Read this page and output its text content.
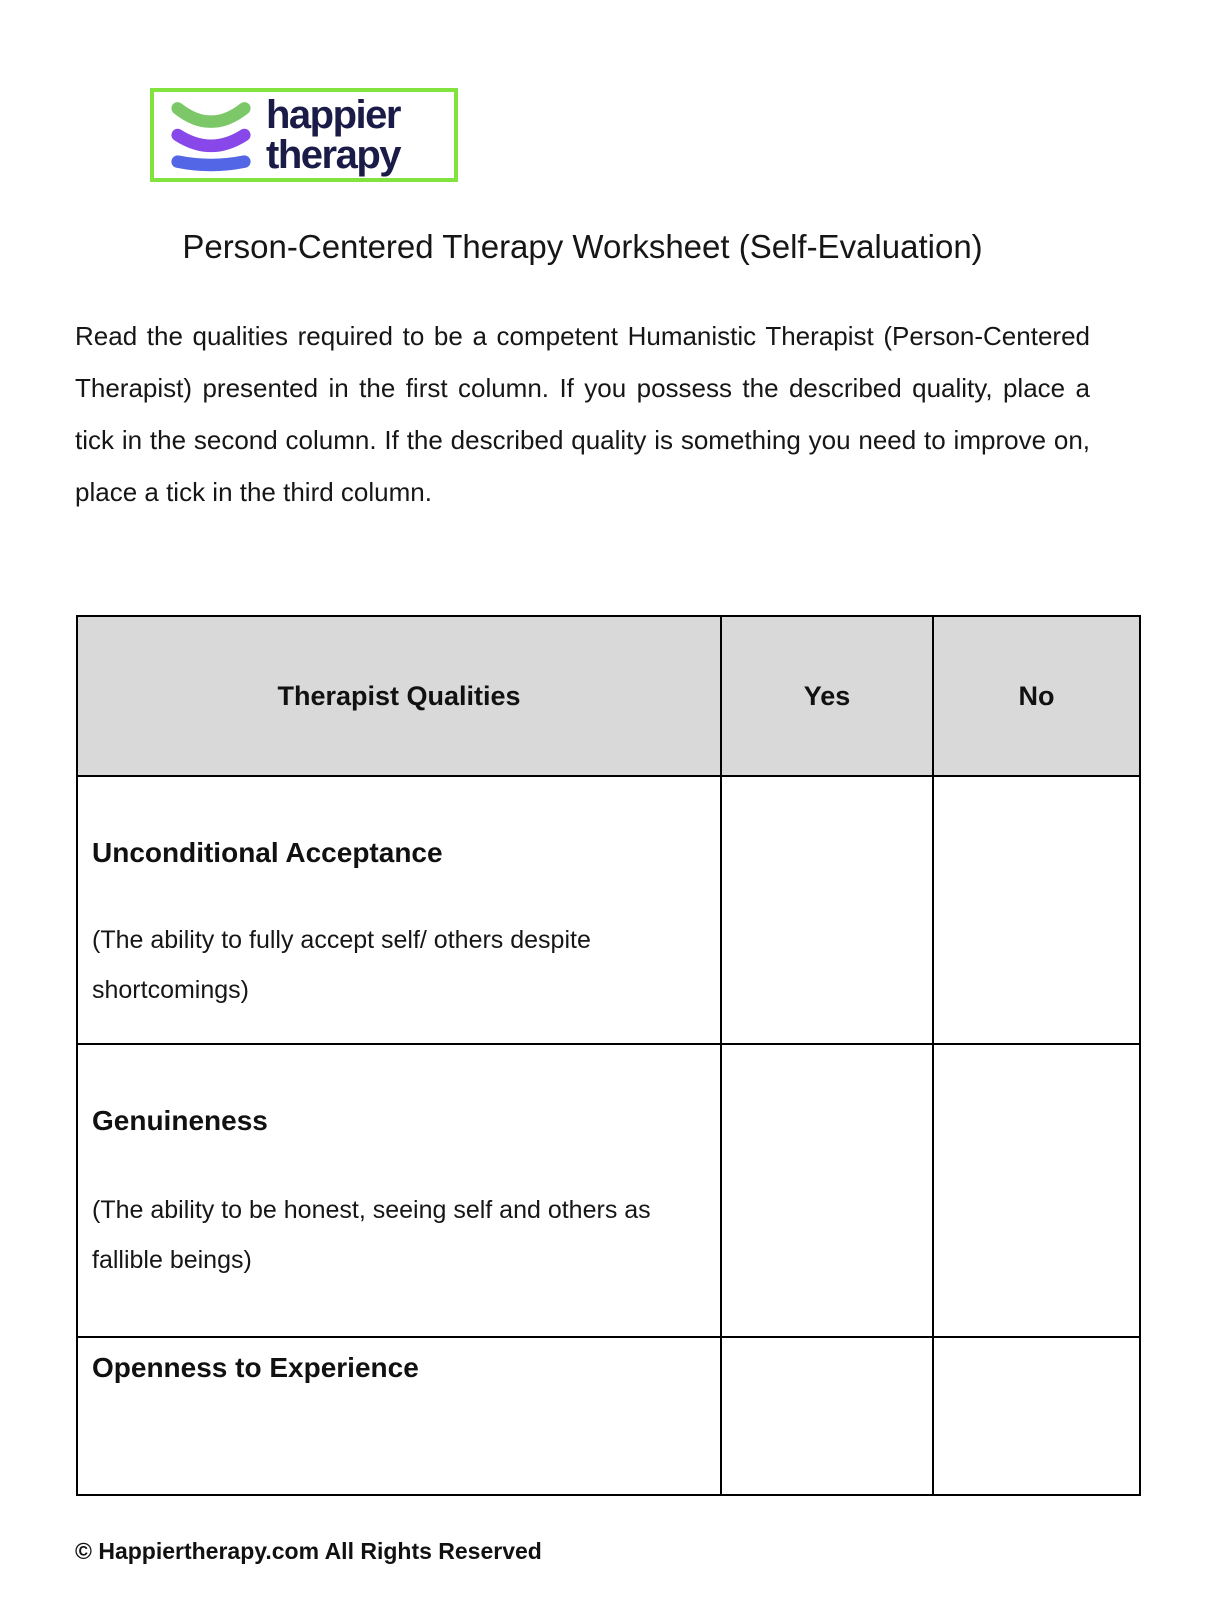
happier
therapy
Person-Centered Therapy Worksheet (Self-Evaluation)

Read the qualities required to be a competent Humanistic Therapist (Person-Centered Therapist) presented in the first column. If you possess the described quality, place a tick in the second column. If the described quality is something you need to improve on, place a tick in the third column.

Therapist Qualities	Yes	No

Unconditional Acceptance
(The ability to fully accept self/ others despite shortcomings)		

Genuineness
(The ability to be honest, seeing self and others as fallible beings)		

Openness to Experience		

© Happiertherapy.com All Rights Reserved
